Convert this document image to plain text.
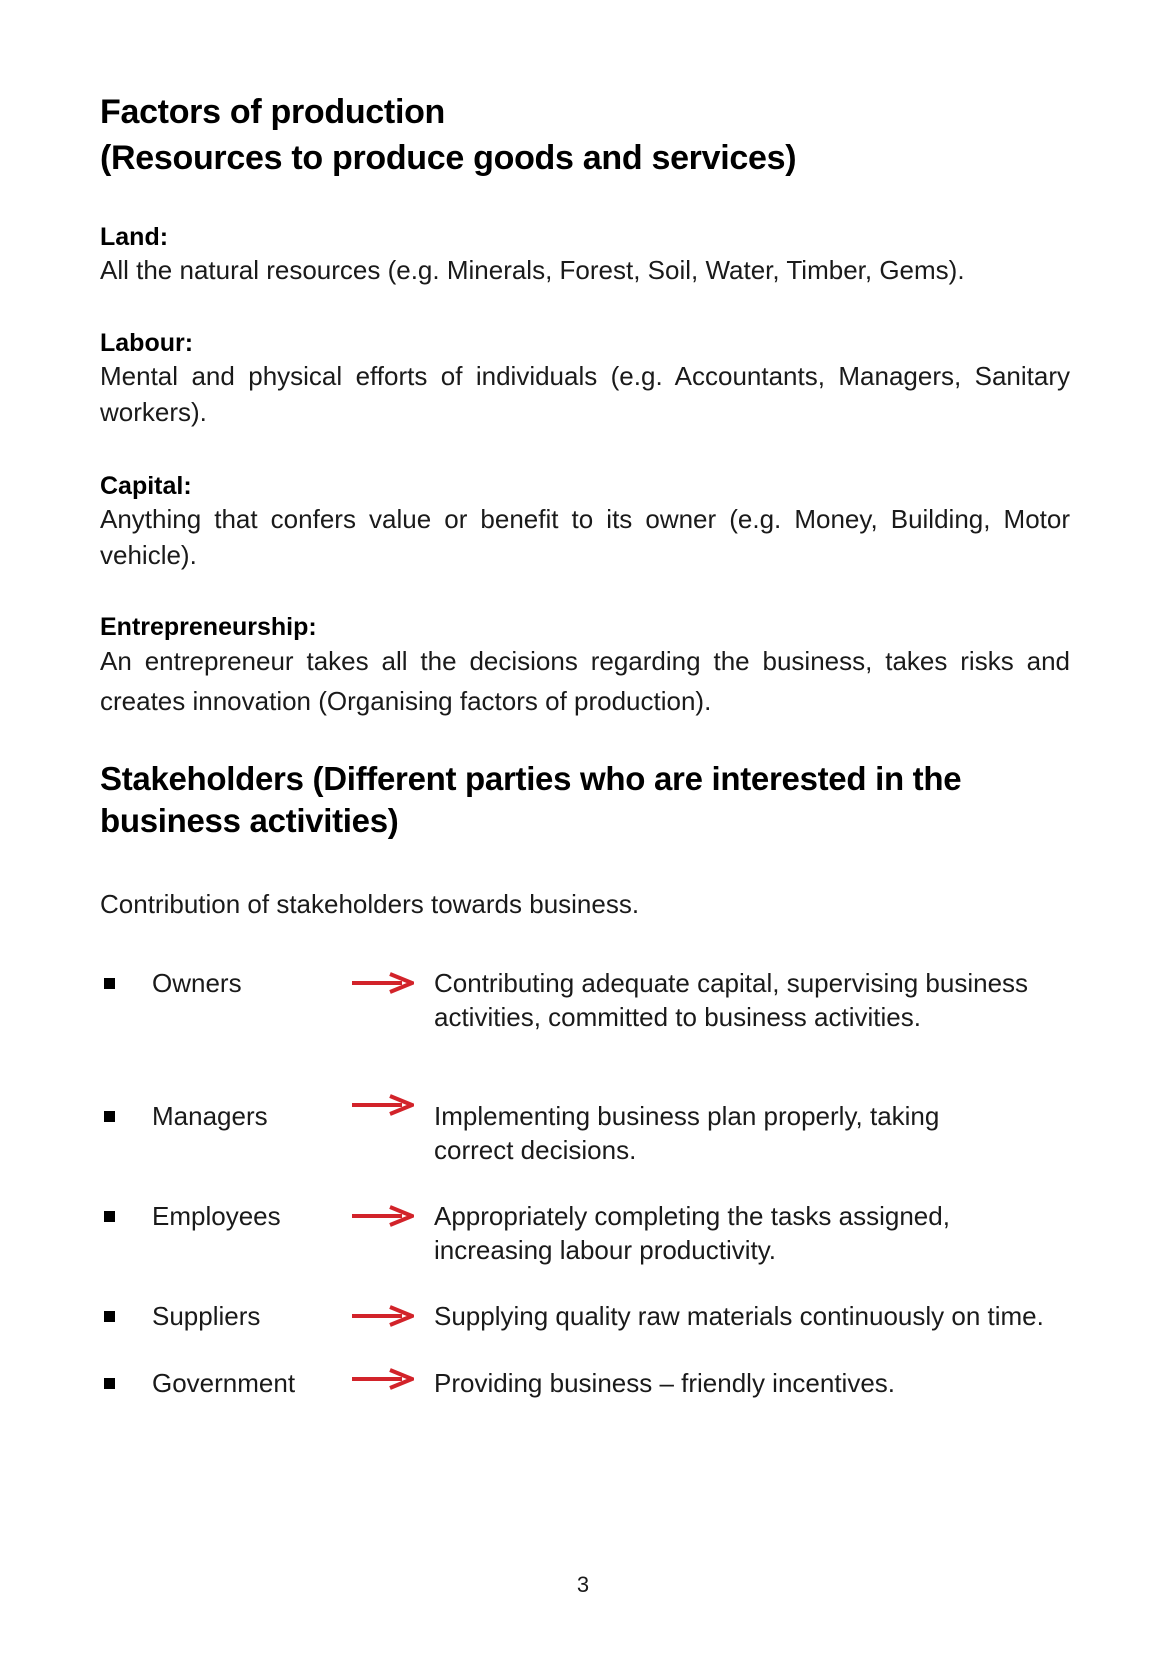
Factors of production
(Resources to produce goods and services)
Land:
All the natural resources (e.g. Minerals, Forest, Soil, Water, Timber, Gems).
Labour:
Mental and physical efforts of individuals (e.g. Accountants, Managers, Sanitary workers).
Capital:
Anything that confers value or benefit to its owner (e.g. Money, Building, Motor vehicle).
Entrepreneurship:
An entrepreneur takes all the decisions regarding the business, takes risks and creates innovation (Organising factors of production).
Stakeholders (Different parties who are interested in the
business activities)
Contribution of stakeholders towards business.
Owners	Contributing adequate capital, supervising business
activities, committed to business activities.
Managers	Implementing business plan properly, taking
correct decisions.
Employees	Appropriately completing the tasks assigned,
increasing labour productivity.
Suppliers	Supplying quality raw materials continuously on time.
Government	Providing business – friendly incentives.
3
